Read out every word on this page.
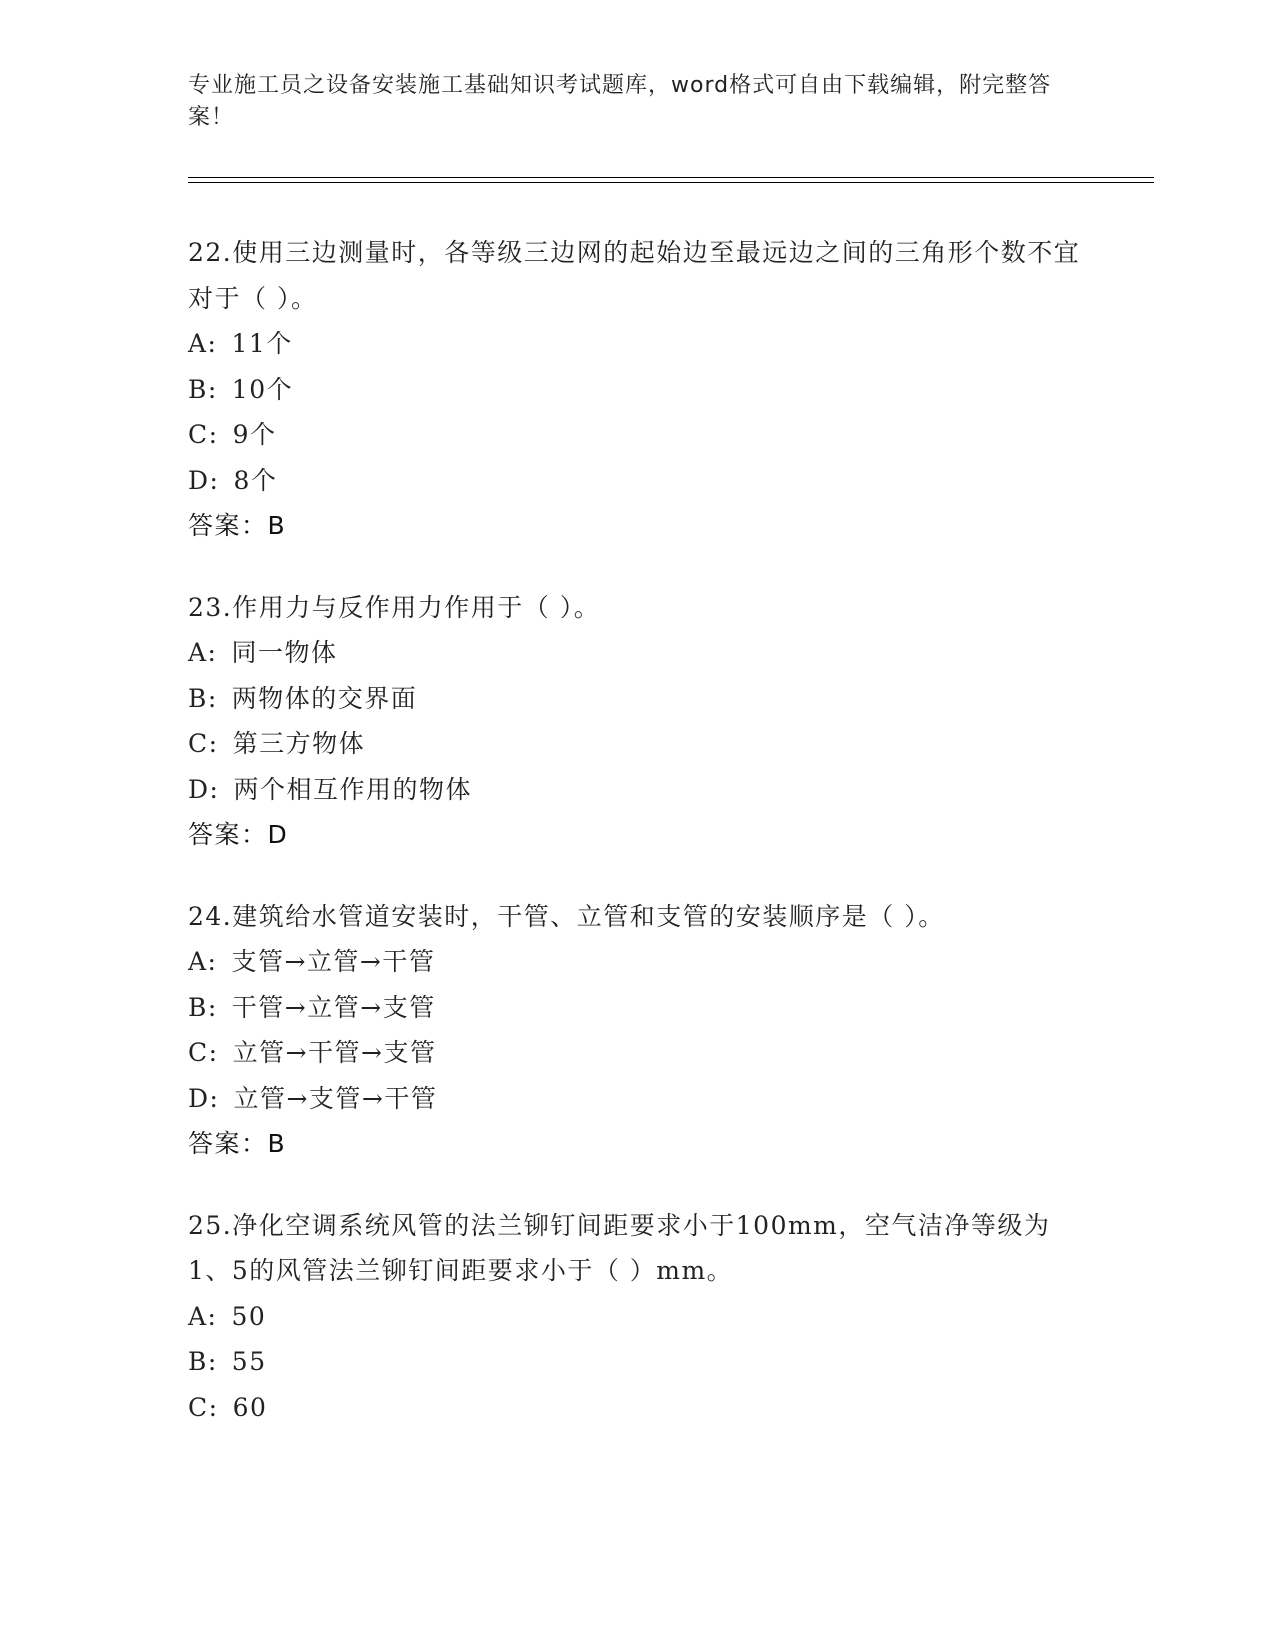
专业施工员之设备安装施工基础知识考试题库，word格式可自由下载编辑，附完整答案！

22.使用三边测量时，各等级三边网的起始边至最远边之间的三角形个数不宜对于（ ）。

A: 11个

B: 10个

C: 9个

D: 8个

答案：B

23.作用力与反作用力作用于（ ）。

A: 同一物体

B: 两物体的交界面

C: 第三方物体

D: 两个相互作用的物体

答案：D

24.建筑给水管道安装时，干管、立管和支管的安装顺序是（ ）。

A: 支管→立管→干管

B: 干管→立管→支管

C: 立管→干管→支管

D: 立管→支管→干管

答案：B

25.净化空调系统风管的法兰铆钉间距要求小于100mm，空气洁净等级为1、5的风管法兰铆钉间距要求小于（ ）mm。

A: 50

B: 55

C: 60
